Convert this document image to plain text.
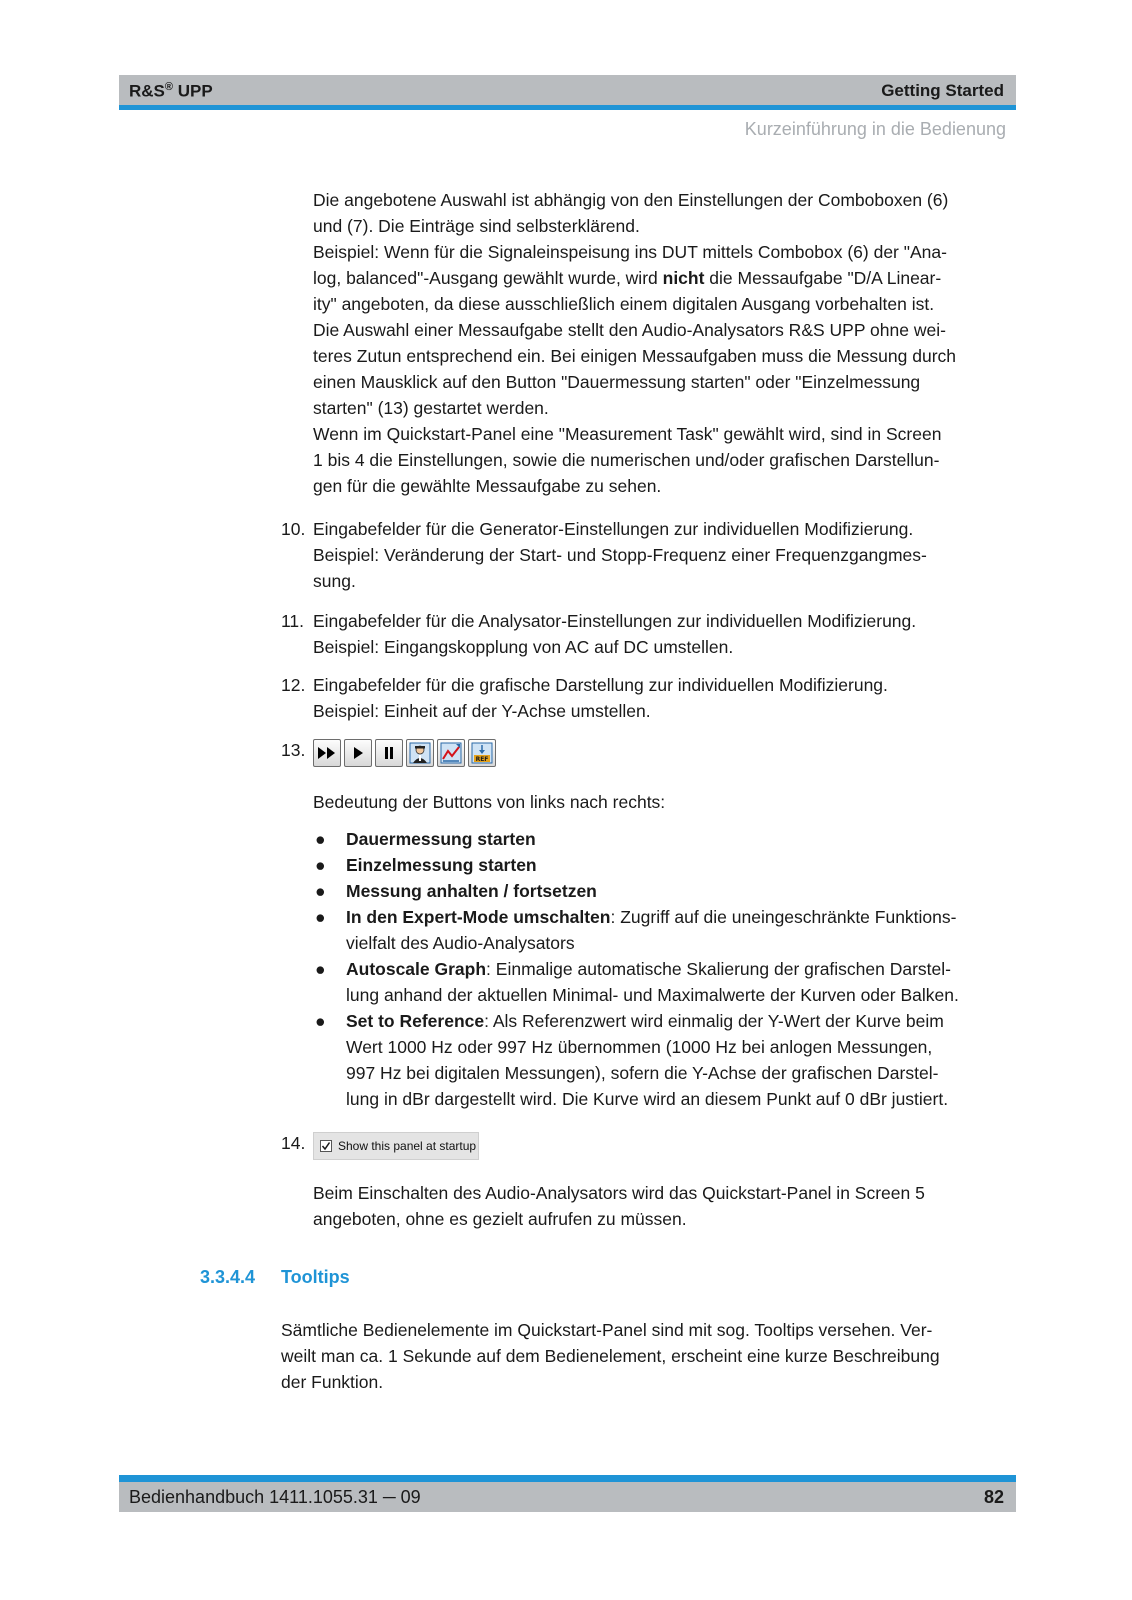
R&S® UPP	Getting Started
Kurzeinführung in die Bedienung

Die angebotene Auswahl ist abhängig von den Einstellungen der Comboboxen (6)

und (7). Die Einträge sind selbsterklärend.

Beispiel: Wenn für die Signaleinspeisung ins DUT mittels Combobox (6) der "Ana-

log, balanced"-Ausgang gewählt wurde, wird nicht die Messaufgabe "D/A Linear-

ity" angeboten, da diese ausschließlich einem digitalen Ausgang vorbehalten ist.

Die Auswahl einer Messaufgabe stellt den Audio-Analysators R&S UPP ohne wei-

teres Zutun entsprechend ein. Bei einigen Messaufgaben muss die Messung durch

einen Mausklick auf den Button "Dauermessung starten" oder "Einzelmessung

starten" (13) gestartet werden.

Wenn im Quickstart-Panel eine "Measurement Task" gewählt wird, sind in Screen

1 bis 4 die Einstellungen, sowie die numerischen und/oder grafischen Darstellun-

gen für die gewählte Messaufgabe zu sehen.

10. Eingabefelder für die Generator-Einstellungen zur individuellen Modifizierung.

Beispiel: Veränderung der Start- und Stopp-Frequenz einer Frequenzgangmes-

sung.

11. Eingabefelder für die Analysator-Einstellungen zur individuellen Modifizierung.

Beispiel: Eingangskopplung von AC auf DC umstellen.

12. Eingabefelder für die grafische Darstellung zur individuellen Modifizierung.

Beispiel: Einheit auf der Y-Achse umstellen.

13.	REF

Bedeutung der Buttons von links nach rechts:

● Dauermessung starten
● Einzelmessung starten
● Messung anhalten / fortsetzen
● In den Expert-Mode umschalten: Zugriff auf die uneingeschränkte Funktions-
vielfalt des Audio-Analysators
● Autoscale Graph: Einmalige automatische Skalierung der grafischen Darstel-
lung anhand der aktuellen Minimal- und Maximalwerte der Kurven oder Balken.
● Set to Reference: Als Referenzwert wird einmalig der Y-Wert der Kurve beim
Wert 1000 Hz oder 997 Hz übernommen (1000 Hz bei anlogen Messungen,
997 Hz bei digitalen Messungen), sofern die Y-Achse der grafischen Darstel-
lung in dBr dargestellt wird. Die Kurve wird an diesem Punkt auf 0 dBr justiert.
14.	Show this panel at startup

Beim Einschalten des Audio-Analysators wird das Quickstart-Panel in Screen 5

angeboten, ohne es gezielt aufrufen zu müssen.

3.3.4.4 Tooltips

Sämtliche Bedienelemente im Quickstart-Panel sind mit sog. Tooltips versehen. Ver-

weilt man ca. 1 Sekunde auf dem Bedienelement, erscheint eine kurze Beschreibung

der Funktion.

Bedienhandbuch 1411.1055.31 ─ 09	82
